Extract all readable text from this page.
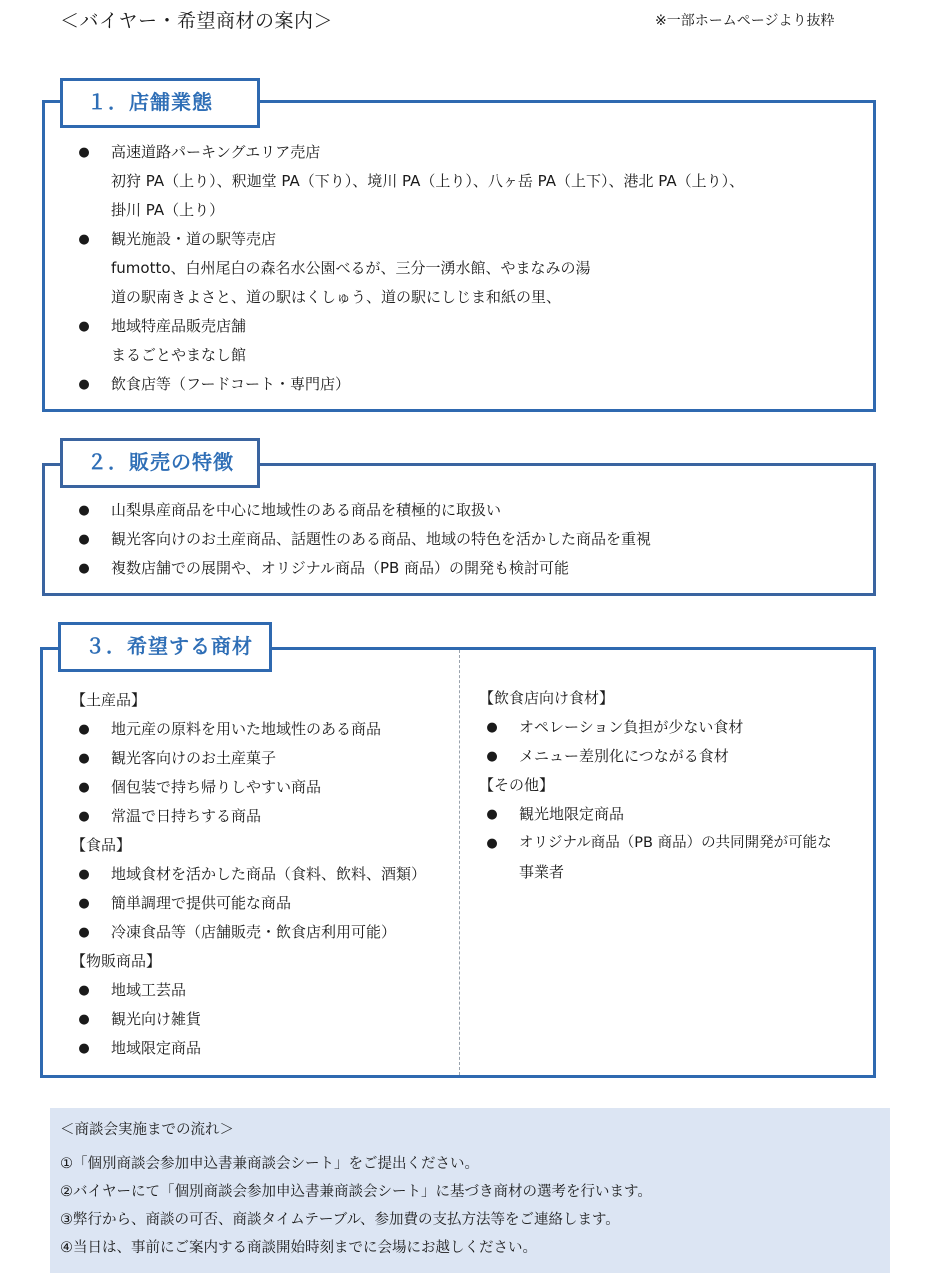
＜バイヤー・希望商材の案内＞	※一部ホームページより抜粋
● 高速道路パーキングエリア売店
初狩 PA（上り）、釈迦堂 PA（下り）、境川 PA（上り）、八ヶ岳 PA（上下）、港北 PA（上り）、
掛川 PA（上り）
● 観光施設・道の駅等売店
fumotto、白州尾白の森名水公園べるが、三分一湧水館、やまなみの湯
道の駅南きよさと、道の駅はくしゅう、道の駅にしじま和紙の里、
● 地域特産品販売店舗
まるごとやまなし館
● 飲食店等（フードコート・専門店）
１．店舗業態
● 山梨県産商品を中心に地域性のある商品を積極的に取扱い
● 観光客向けのお土産商品、話題性のある商品、地域の特色を活かした商品を重視
● 複数店舗での展開や、オリジナル商品（PB 商品）の開発も検討可能
２．販売の特徴
【土産品】
● 地元産の原料を用いた地域性のある商品
● 観光客向けのお土産菓子
● 個包装で持ち帰りしやすい商品
● 常温で日持ちする商品
【食品】
● 地域食材を活かした商品（食料、飲料、酒類）
● 簡単調理で提供可能な商品
● 冷凍食品等（店舗販売・飲食店利用可能）
【物販商品】
● 地域工芸品
● 観光向け雑貨
● 地域限定商品
【飲食店向け食材】
● オペレーション負担が少ない食材
● メニュー差別化につながる食材
【その他】
● 観光地限定商品
● オリジナル商品（PB 商品）の共同開発が可能な
事業者
３．希望する商材
＜商談会実施までの流れ＞
①「個別商談会参加申込書兼商談会シート」をご提出ください。
②バイヤーにて「個別商談会参加申込書兼商談会シート」に基づき商材の選考を行います。
③弊行から、商談の可否、商談タイムテーブル、参加費の支払方法等をご連絡します。
④当日は、事前にご案内する商談開始時刻までに会場にお越しください。
